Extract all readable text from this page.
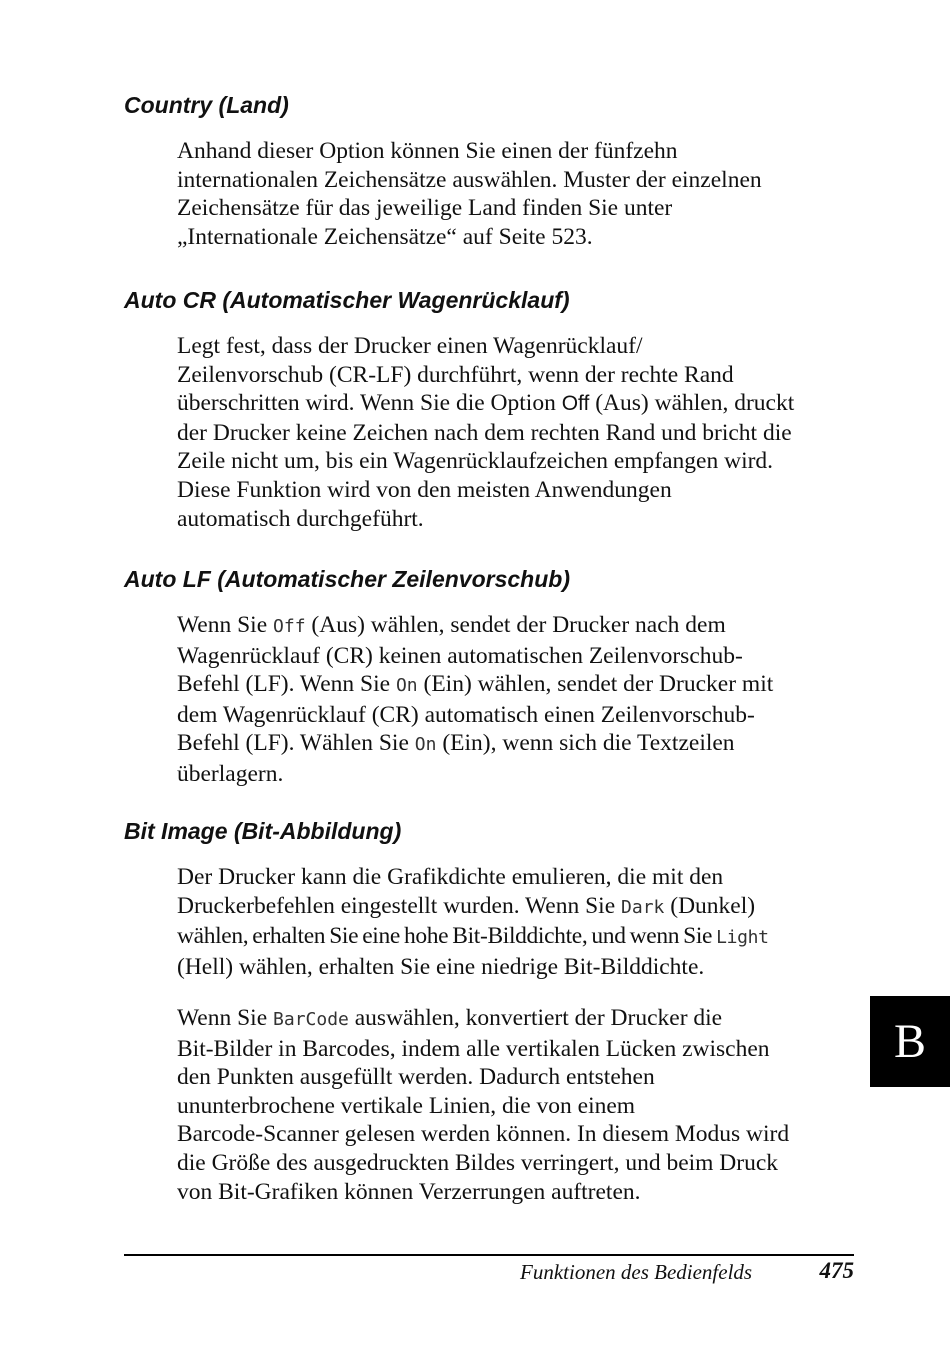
Country (Land)

Anhand dieser Option können Sie einen der fünfzehn
internationalen Zeichensätze auswählen. Muster der einzelnen
Zeichensätze für das jeweilige Land finden Sie unter
„Internationale Zeichensätze“ auf Seite 523.

Auto CR (Automatischer Wagenrücklauf)

Legt fest, dass der Drucker einen Wagenrücklauf/
Zeilenvorschub (CR-LF) durchführt, wenn der rechte Rand
überschritten wird. Wenn Sie die Option Off (Aus) wählen, druckt
der Drucker keine Zeichen nach dem rechten Rand und bricht die
Zeile nicht um, bis ein Wagenrücklaufzeichen empfangen wird.
Diese Funktion wird von den meisten Anwendungen
automatisch durchgeführt.

Auto LF (Automatischer Zeilenvorschub)

Wenn Sie Off (Aus) wählen, sendet der Drucker nach dem
Wagenrücklauf (CR) keinen automatischen Zeilenvorschub-
Befehl (LF). Wenn Sie On (Ein) wählen, sendet der Drucker mit
dem Wagenrücklauf (CR) automatisch einen Zeilenvorschub-
Befehl (LF). Wählen Sie On (Ein), wenn sich die Textzeilen
überlagern.

Bit Image (Bit-Abbildung)

Der Drucker kann die Grafikdichte emulieren, die mit den
Druckerbefehlen eingestellt wurden. Wenn Sie Dark (Dunkel)
wählen, erhalten Sie eine hohe Bit-Bilddichte, und wenn Sie Light
(Hell) wählen, erhalten Sie eine niedrige Bit-Bilddichte.

Wenn Sie BarCode auswählen, konvertiert der Drucker die
Bit-Bilder in Barcodes, indem alle vertikalen Lücken zwischen
den Punkten ausgefüllt werden. Dadurch entstehen
ununterbrochene vertikale Linien, die von einem
Barcode-Scanner gelesen werden können. In diesem Modus wird
die Größe des ausgedruckten Bildes verringert, und beim Druck
von Bit-Grafiken können Verzerrungen auftreten.

B
Funktionen des Bedienfelds	475
